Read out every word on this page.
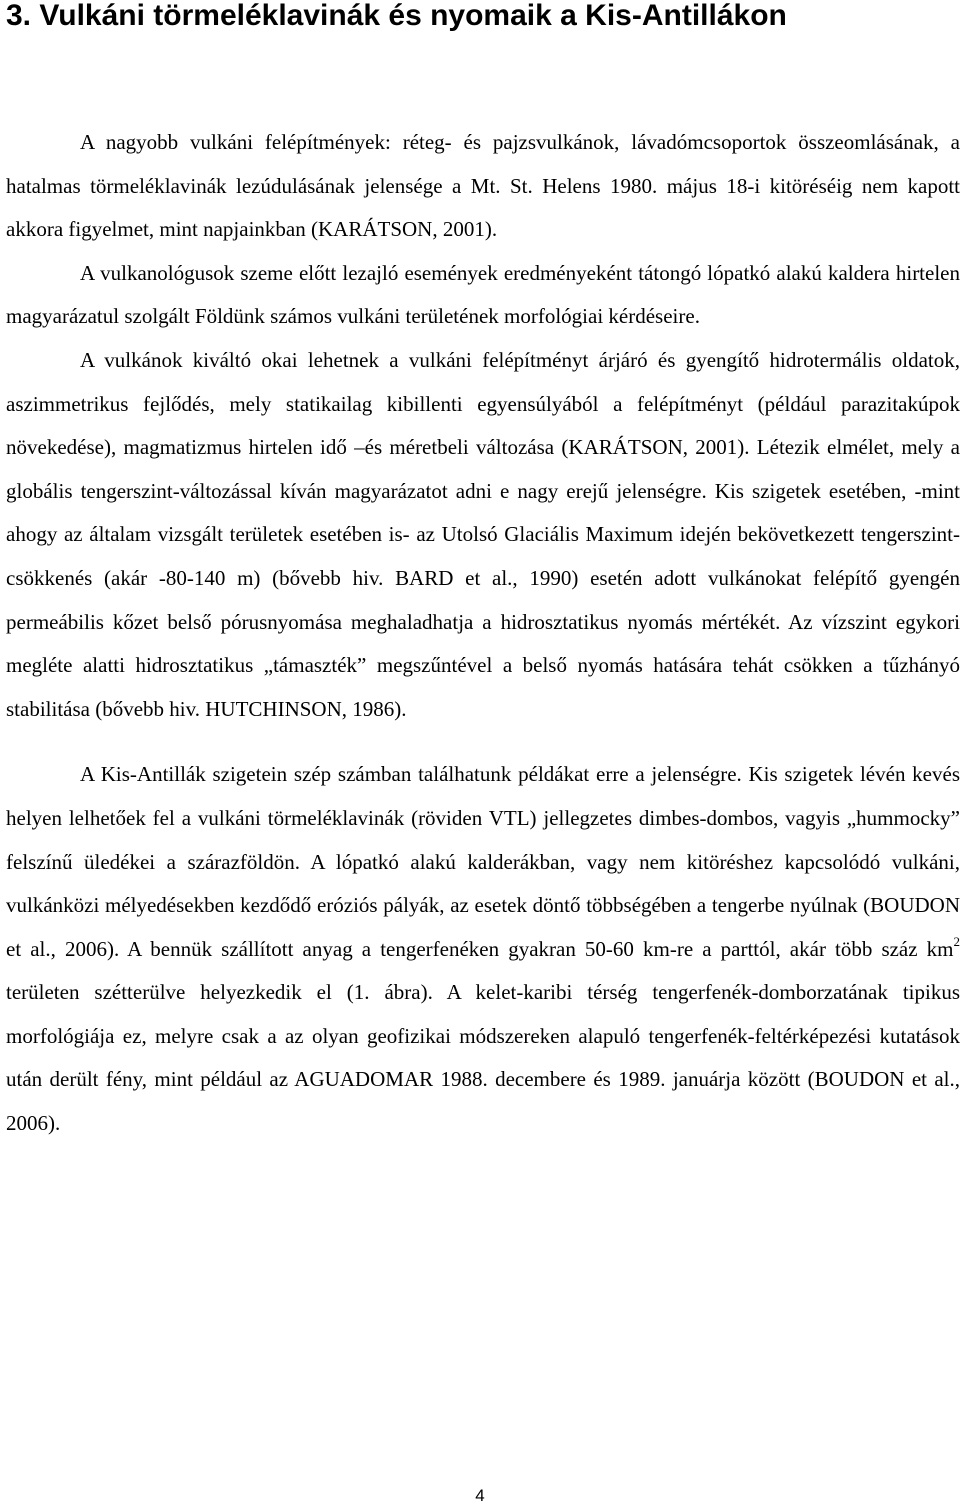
3. Vulkáni törmeléklavinák és nyomaik a Kis-Antillákon

A nagyobb vulkáni felépítmények: réteg- és pajzsvulkánok, lávadómcsoportok összeomlásának, a hatalmas törmeléklavinák lezúdulásának jelensége a Mt. St. Helens 1980. május 18-i kitöréséig nem kapott akkora figyelmet, mint napjainkban (KARÁTSON, 2001).

A vulkanológusok szeme előtt lezajló események eredményeként tátongó lópatkó alakú kaldera hirtelen magyarázatul szolgált Földünk számos vulkáni területének morfológiai kérdéseire.

A vulkánok kiváltó okai lehetnek a vulkáni felépítményt árjáró és gyengítő hidrotermális oldatok, aszimmetrikus fejlődés, mely statikailag kibillenti egyensúlyából a felépítményt (például parazitakúpok növekedése), magmatizmus hirtelen idő –és méretbeli változása (KARÁTSON, 2001). Létezik elmélet, mely a globális tengerszint-változással kíván magyarázatot adni e nagy erejű jelenségre. Kis szigetek esetében, -mint ahogy az általam vizsgált területek esetében is- az Utolsó Glaciális Maximum idején bekövetkezett tengerszint-csökkenés (akár -80-140 m) (bővebb hiv. BARD et al., 1990) esetén adott vulkánokat felépítő gyengén permeábilis kőzet belső pórusnyomása meghaladhatja a hidrosztatikus nyomás mértékét. Az vízszint egykori megléte alatti hidrosztatikus „támaszték” megszűntével a belső nyomás hatására tehát csökken a tűzhányó stabilitása (bővebb hiv. HUTCHINSON, 1986).

A Kis-Antillák szigetein szép számban találhatunk példákat erre a jelenségre. Kis szigetek lévén kevés helyen lelhetőek fel a vulkáni törmeléklavinák (röviden VTL) jellegzetes dimbes-dombos, vagyis „hummocky” felszínű üledékei a szárazföldön. A lópatkó alakú kalderákban, vagy nem kitöréshez kapcsolódó vulkáni, vulkánközi mélyedésekben kezdődő eróziós pályák, az esetek döntő többségében a tengerbe nyúlnak (BOUDON et al., 2006). A bennük szállított anyag a tengerfenéken gyakran 50-60 km-re a parttól, akár több száz $km^2$ területen szétterülve helyezkedik el (1. ábra). A kelet-karibi térség tengerfenék-domborzatának tipikus morfológiája ez, melyre csak a az olyan geofizikai módszereken alapuló tengerfenék-feltérképezési kutatások után derült fény, mint például az AGUADOMAR 1988. decembere és 1989. januárja között (BOUDON et al., 2006).

4
